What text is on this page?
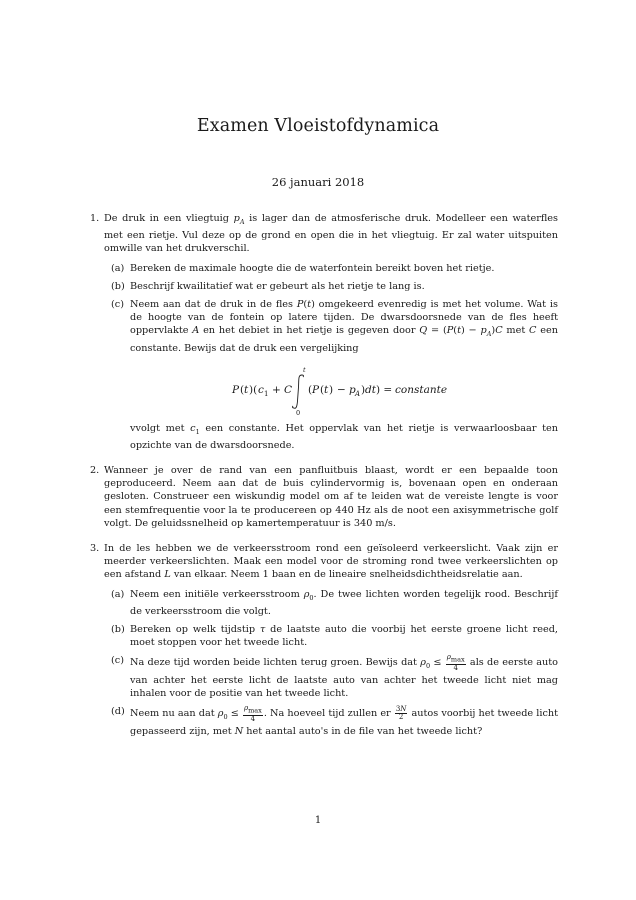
Examen Vloeistofdynamica
26 januari 2018
1. De druk in een vliegtuig $p_A$ is lager dan de atmosferische druk. Modelleer een waterfles met een rietje. Vul deze op de grond en open die in het vliegtuig. Er zal water uitspuiten omwille van het drukverschil.

(a) Bereken de maximale hoogte die de waterfontein bereikt boven het rietje.

(b) Beschrijf kwailitatief wat er gebeurt als het rietje te lang is.

(c) Neem aan dat de druk in de fles P(t) omgekeerd evenredig is met het volume. Wat is de hoogte van de fontein op latere tijden. De dwarsdoorsnede van de fles heeft oppervlakte A en het debiet in het rietje is gegeven door $Q = (P(t) - p_A)C$ met C een constante. Bewijs dat de druk een vergelijking

P ( t )( c 1 + C
t
0
( P ( t ) − p A ) dt ) = constante

vvolgt met $c_1$ een constante. Het oppervlak van het rietje is verwaarloosbaar ten opzichte van de dwarsdoorsnede.

2. Wanneer je over de rand van een panfluitbuis blaast, wordt er een bepaalde toon geproduceerd. Neem aan dat de buis cylindervormig is, bovenaan open en onderaan gesloten. Construeer een wiskundig model om af te leiden wat de vereiste lengte is voor een stemfrequentie voor la te producereen op 440 Hz als de noot een axisymmetrische golf volgt. De geluidssnelheid op kamertemperatuur is 340 m/s.

3. In de les hebben we de verkeersstroom rond een geïsoleerd verkeerslicht. Vaak zijn er meerder verkeerslichten. Maak een model voor de stroming rond twee verkeerslichten op een afstand L van elkaar. Neem 1 baan en de lineaire snelheidsdichtheidsrelatie aan.

(a) Neem een initiële verkeersstroom $\rho_0$. De twee lichten worden tegelijk rood. Beschrijf de verkeersstroom die volgt.

(b) Bereken op welk tijdstip τ de laatste auto die voorbij het eerste groene licht reed, moet stoppen voor het tweede licht.

(c) Na deze tijd worden beide lichten terug groen. Bewijs dat $\rho_0 \le \frac{\rho_{max}}{4}$ als de eerste auto van achter het eerste licht de laatste auto van achter het tweede licht niet mag inhalen voor de positie van het tweede licht.

(d) Neem nu aan dat $\rho_0 \le \frac{\rho_{max}}{4}$ . Na hoeveel tijd zullen er $\frac{3N}{2}$ autos voorbij het tweede licht gepasseerd zijn, met N het aantal auto's in de file van het tweede licht?

1
